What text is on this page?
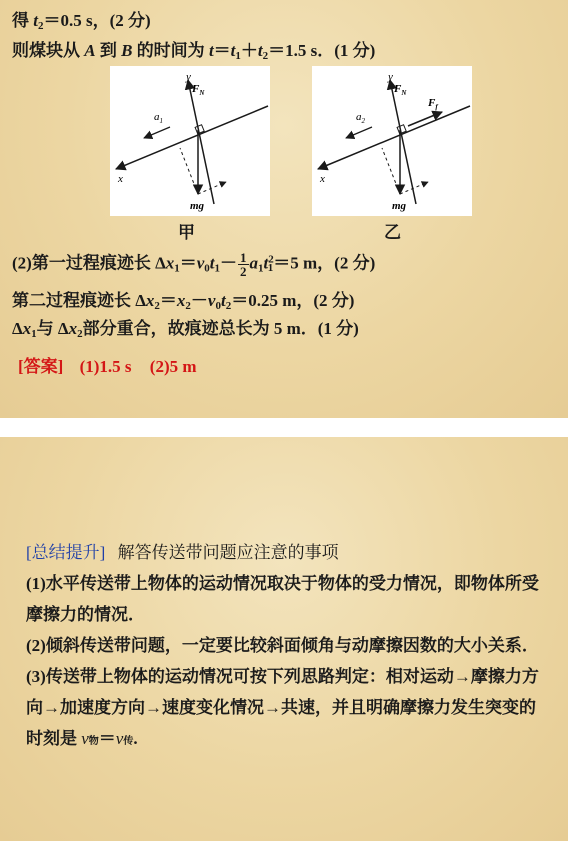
得 $t_2=0.5$ s，(2 分)
则煤块从 A 到 B 的时间为 $t=t_1+t_2=1.5$ s．(1 分)
y
x
$F_N$
$a_1$
mg
甲
y
x
$F_N$
$F_f$
$a_2$
mg
乙
(2)第一过程痕迹长 $\Delta x_1=v_0t_1- \frac{1}{2} a_1t^2_1=5$ m，(2 分)
第二过程痕迹长 $\Delta x_2=x_2-v_0t_2=0.25$ m，(2 分)
$\Delta x_1$与 $\Delta x_2$部分重合，故痕迹总长为 5 m．(1 分)
[答案] (1)1.5 s (2)5 m
[总结提升] 解答传送带问题应注意的事项
(1)水平传送带上物体的运动情况取决于物体的受力情况，即物体所受摩擦力的情况．
(2)倾斜传送带问题，一定要比较斜面倾角与动摩擦因数的大小关系．
(3)传送带上物体的运动情况可按下列思路判定：相对运动→摩擦力方向→加速度方向→速度变化情况→共速，并且明确摩擦力发生突变的时刻是 v物＝v传.
